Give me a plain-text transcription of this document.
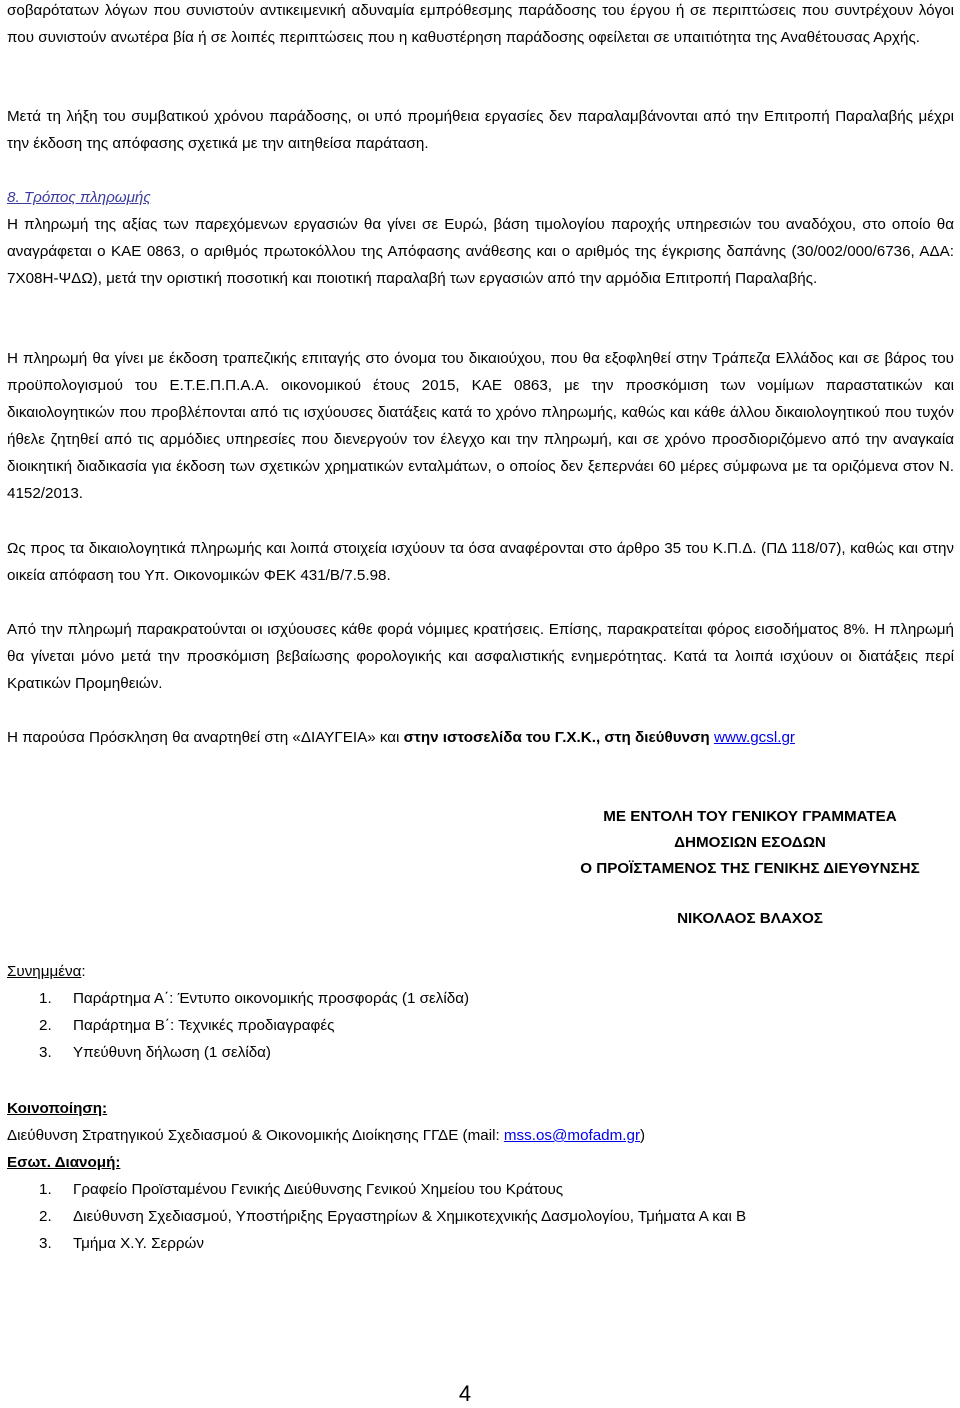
σοβαρότατων λόγων που συνιστούν αντικειμενική αδυναμία εμπρόθεσμης παράδοσης του έργου ή σε περιπτώσεις που συντρέχουν λόγοι που συνιστούν ανωτέρα βία ή σε λοιπές περιπτώσεις που η καθυστέρηση παράδοσης οφείλεται σε υπαιτιότητα της Αναθέτουσας Αρχής.

Μετά τη λήξη του συμβατικού χρόνου παράδοσης, οι υπό προμήθεια εργασίες δεν παραλαμβάνονται από την Επιτροπή Παραλαβής μέχρι την έκδοση της απόφασης σχετικά με την αιτηθείσα παράταση.

8. Τρόπος πληρωμής

Η πληρωμή της αξίας των παρεχόμενων εργασιών θα γίνει σε Ευρώ, βάση τιμολογίου παροχής υπηρεσιών του αναδόχου, στο οποίο θα αναγράφεται ο ΚΑΕ 0863, ο αριθμός πρωτοκόλλου της Απόφασης ανάθεσης και ο αριθμός της έγκρισης δαπάνης (30/002/000/6736, ΑΔΑ: 7Χ08Η-ΨΔΩ), μετά την οριστική ποσοτική και ποιοτική παραλαβή των εργασιών από την αρμόδια Επιτροπή Παραλαβής.

Η πληρωμή θα γίνει με έκδοση τραπεζικής επιταγής στο όνομα του δικαιούχου, που θα εξοφληθεί στην Τράπεζα Ελλάδος και σε βάρος του προϋπολογισμού του Ε.Τ.Ε.Π.Π.Α.Α. οικονομικού έτους 2015, ΚΑΕ 0863, με την προσκόμιση των νομίμων παραστατικών και δικαιολογητικών που προβλέπονται από τις ισχύουσες διατάξεις κατά το χρόνο πληρωμής, καθώς και κάθε άλλου δικαιολογητικού που τυχόν ήθελε ζητηθεί από τις αρμόδιες υπηρεσίες που διενεργούν τον έλεγχο και την πληρωμή, και σε χρόνο προσδιοριζόμενο από την αναγκαία διοικητική διαδικασία για έκδοση των σχετικών χρηματικών ενταλμάτων, ο οποίος δεν ξεπερνάει 60 μέρες σύμφωνα με τα οριζόμενα στον Ν. 4152/2013.

Ως προς τα δικαιολογητικά πληρωμής και λοιπά στοιχεία ισχύουν τα όσα αναφέρονται στο άρθρο 35 του Κ.Π.Δ. (ΠΔ 118/07), καθώς και στην οικεία απόφαση του Υπ. Οικονομικών ΦΕΚ 431/Β/7.5.98.

Από την πληρωμή παρακρατούνται οι ισχύουσες κάθε φορά νόμιμες κρατήσεις. Επίσης, παρακρατείται φόρος εισοδήματος 8%. Η πληρωμή θα γίνεται μόνο μετά την προσκόμιση βεβαίωσης φορολογικής και ασφαλιστικής ενημερότητας. Κατά τα λοιπά ισχύουν οι διατάξεις περί Κρατικών Προμηθειών.

Η παρούσα Πρόσκληση θα αναρτηθεί στη «ΔΙΑΥΓΕΙΑ» και στην ιστοσελίδα του Γ.Χ.Κ., στη διεύθυνση www.gcsl.gr

ΜΕ ΕΝΤΟΛΗ ΤΟΥ ΓΕΝΙΚΟΥ ΓΡΑΜΜΑΤΕΑ
ΔΗΜΟΣΙΩΝ ΕΣΟΔΩΝ
Ο ΠΡΟΪΣΤΑΜΕΝΟΣ ΤΗΣ ΓΕΝΙΚΗΣ ΔΙΕΥΘΥΝΣΗΣ
ΝΙΚΟΛΑΟΣ ΒΛΑΧΟΣ
Συνημμένα:
1. Παράρτημα Α΄: Έντυπο οικονομικής προσφοράς (1 σελίδα)
2. Παράρτημα Β΄: Τεχνικές προδιαγραφές
3. Υπεύθυνη δήλωση (1 σελίδα)
Κοινοποίηση:
Διεύθυνση Στρατηγικού Σχεδιασμού & Οικονομικής Διοίκησης ΓΓΔΕ (mail: mss.os@mofadm.gr)
Εσωτ. Διανομή:
1. Γραφείο Προϊσταμένου Γενικής Διεύθυνσης Γενικού Χημείου του Κράτους
2. Διεύθυνση Σχεδιασμού, Υποστήριξης Εργαστηρίων & Χημικοτεχνικής Δασμολογίου, Τμήματα Α και Β
3. Τμήμα Χ.Υ. Σερρών
4
